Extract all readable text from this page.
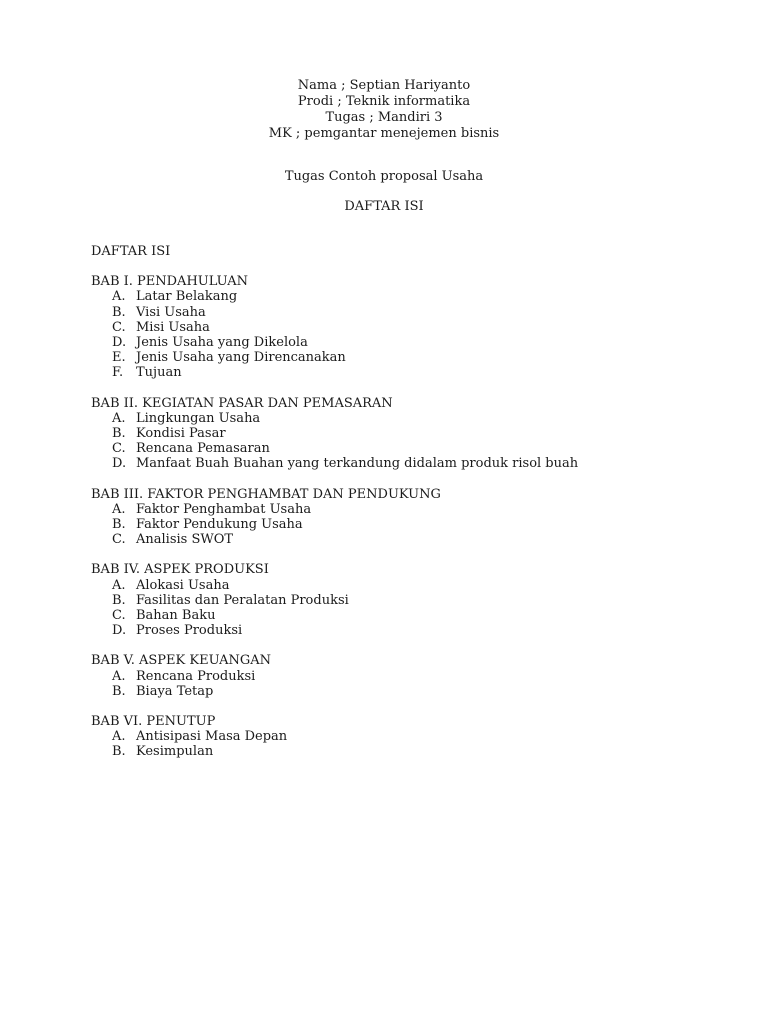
Nama ; Septian Hariyanto
Prodi ; Teknik informatika
Tugas ; Mandiri 3
MK ; pemgantar menejemen bisnis
Tugas Contoh proposal Usaha
DAFTAR ISI
DAFTAR ISI
BAB I. PENDAHULUAN
A. Latar Belakang
B. Visi Usaha
C. Misi Usaha
D. Jenis Usaha yang Dikelola
E. Jenis Usaha yang Direncanakan
F. Tujuan
BAB II. KEGIATAN PASAR DAN PEMASARAN
A. Lingkungan Usaha
B. Kondisi Pasar
C. Rencana Pemasaran
D. Manfaat Buah Buahan yang terkandung didalam produk risol buah
BAB III. FAKTOR PENGHAMBAT DAN PENDUKUNG
A. Faktor Penghambat Usaha
B. Faktor Pendukung Usaha
C. Analisis SWOT
BAB IV. ASPEK PRODUKSI
A. Alokasi Usaha
B. Fasilitas dan Peralatan Produksi
C. Bahan Baku
D. Proses Produksi
BAB V. ASPEK KEUANGAN
A. Rencana Produksi
B. Biaya Tetap
BAB VI. PENUTUP
A. Antisipasi Masa Depan
B. Kesimpulan
